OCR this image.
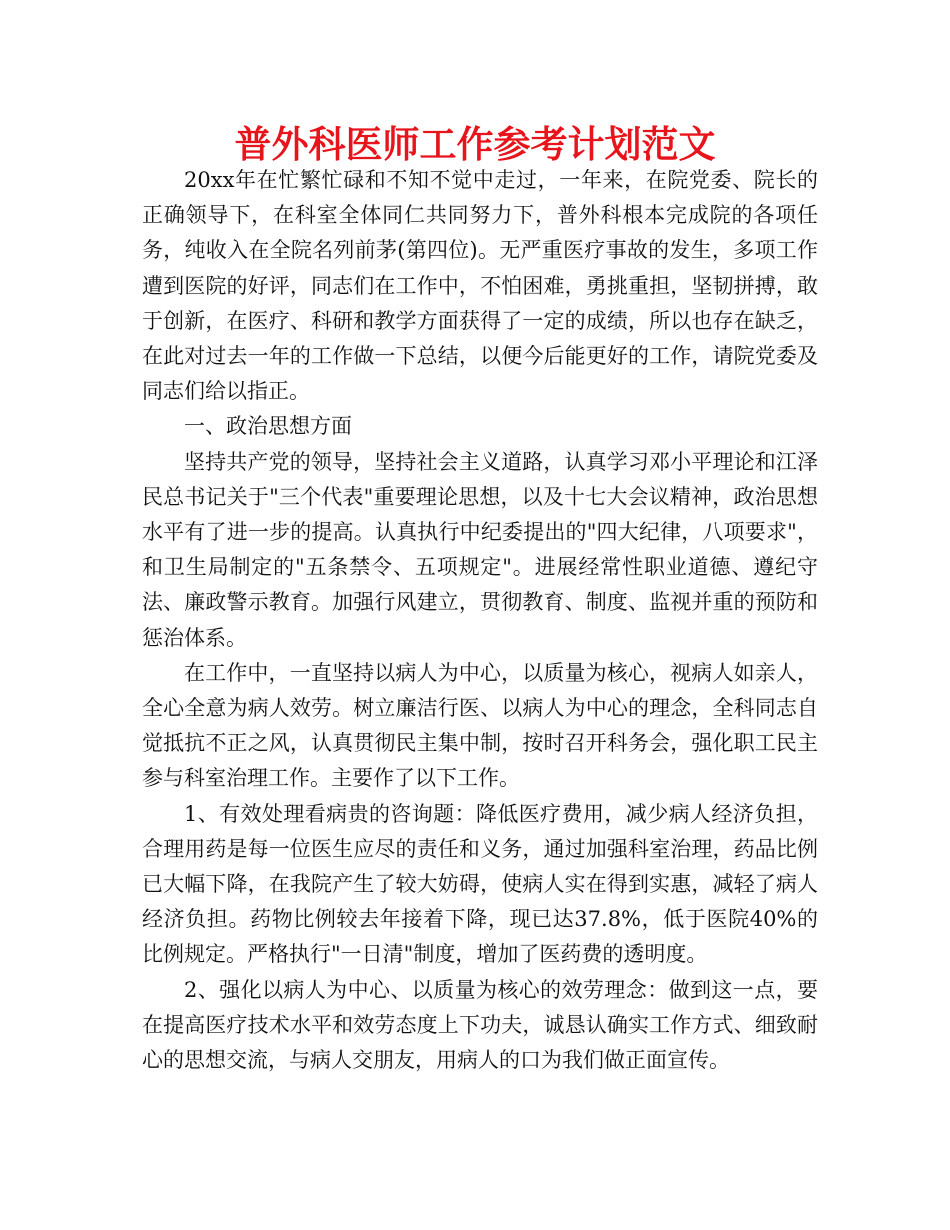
普外科医师工作参考计划范文

20xx年在忙繁忙碌和不知不觉中走过，一年来，在院党委、院长的正确领导下，在科室全体同仁共同努力下，普外科根本完成院的各项任务，纯收入在全院名列前茅(第四位)。无严重医疗事故的发生，多项工作遭到医院的好评，同志们在工作中，不怕困难，勇挑重担，坚韧拼搏，敢于创新，在医疗、科研和教学方面获得了一定的成绩，所以也存在缺乏，在此对过去一年的工作做一下总结，以便今后能更好的工作，请院党委及同志们给以指正。

一、政治思想方面

坚持共产党的领导，坚持社会主义道路，认真学习邓小平理论和江泽民总书记关于"三个代表"重要理论思想，以及十七大会议精神，政治思想水平有了进一步的提高。认真执行中纪委提出的"四大纪律，八项要求"，和卫生局制定的"五条禁令、五项规定"。进展经常性职业道德、遵纪守法、廉政警示教育。加强行风建立，贯彻教育、制度、监视并重的预防和惩治体系。

在工作中，一直坚持以病人为中心，以质量为核心，视病人如亲人，全心全意为病人效劳。树立廉洁行医、以病人为中心的理念，全科同志自觉抵抗不正之风，认真贯彻民主集中制，按时召开科务会，强化职工民主参与科室治理工作。主要作了以下工作。

1、有效处理看病贵的咨询题：降低医疗费用，减少病人经济负担，合理用药是每一位医生应尽的责任和义务，通过加强科室治理，药品比例已大幅下降，在我院产生了较大妨碍，使病人实在得到实惠，减轻了病人经济负担。药物比例较去年接着下降，现已达37.8%，低于医院40%的比例规定。严格执行"一日清"制度，增加了医药费的透明度。

2、强化以病人为中心、以质量为核心的效劳理念：做到这一点，要在提高医疗技术水平和效劳态度上下功夫，诚恳认确实工作方式、细致耐心的思想交流，与病人交朋友，用病人的口为我们做正面宣传。
